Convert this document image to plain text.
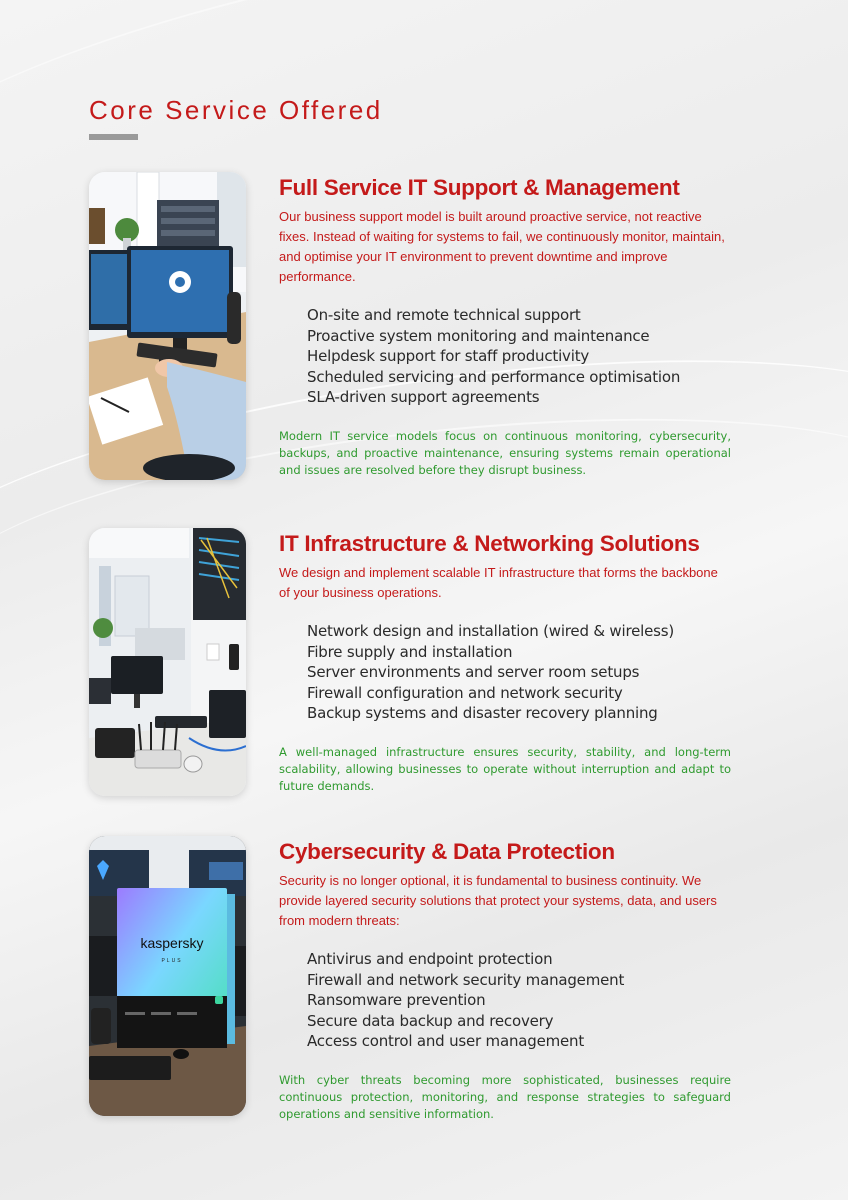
Core Service Offered
Full Service IT Support & Management

Our business support model is built around proactive service, not reactive fixes. Instead of waiting for systems to fail, we continuously monitor, maintain, and optimise your IT environment to prevent downtime and improve performance.

On-site and remote technical support
Proactive system monitoring and maintenance
Helpdesk support for staff productivity
Scheduled servicing and performance optimisation
SLA-driven support agreements

Modern IT service models focus on continuous monitoring, cybersecurity, backups, and proactive maintenance, ensuring systems remain operational and issues are resolved before they disrupt business.

IT Infrastructure & Networking Solutions

We design and implement scalable IT infrastructure that forms the backbone of your business operations.

Network design and installation (wired & wireless)
Fibre supply and installation
Server environments and server room setups
Firewall configuration and network security
Backup systems and disaster recovery planning

A well-managed infrastructure ensures security, stability, and long-term scalability, allowing businesses to operate without interruption and adapt to future demands.

kaspersky
PLUS
Cybersecurity & Data Protection

Security is no longer optional, it is fundamental to business continuity. We provide layered security solutions that protect your systems, data, and users from modern threats:

Antivirus and endpoint protection
Firewall and network security management
Ransomware prevention
Secure data backup and recovery
Access control and user management

With cyber threats becoming more sophisticated, businesses require continuous protection, monitoring, and response strategies to safeguard operations and sensitive information.
